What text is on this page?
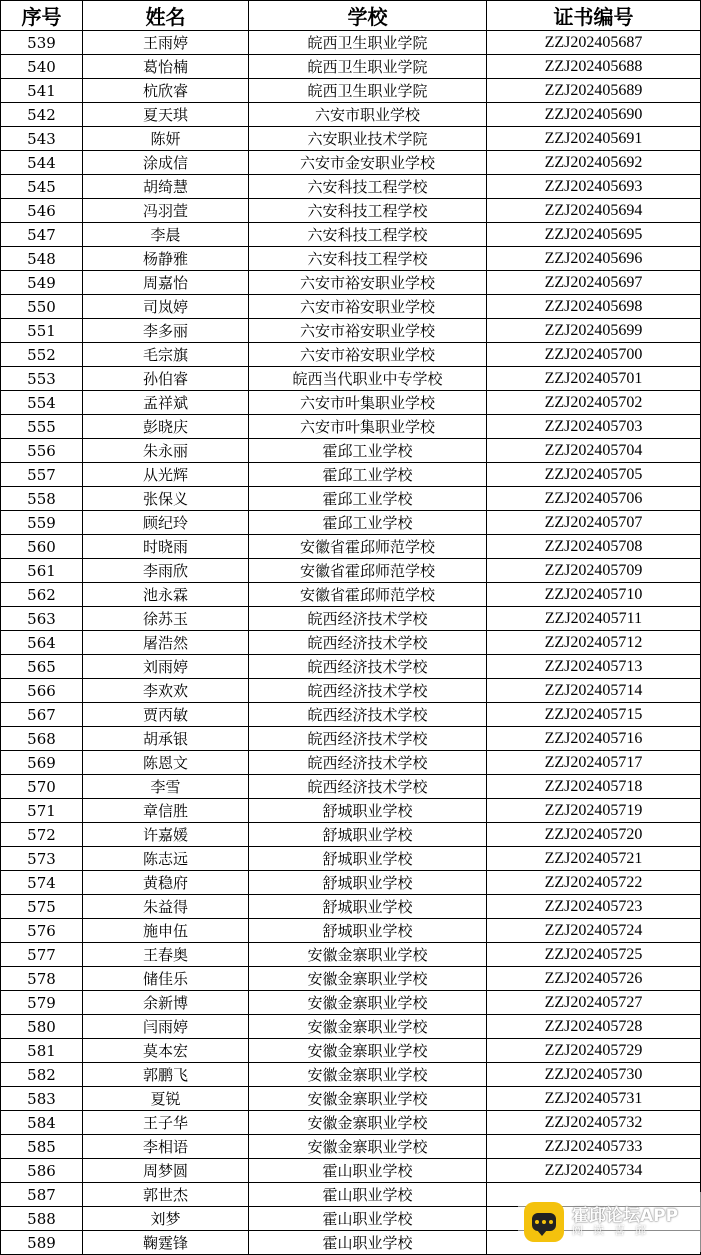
序号	姓名	学校	证书编号
539	王雨婷	皖西卫生职业学院	ZZJ202405687
540	葛怡楠	皖西卫生职业学院	ZZJ202405688
541	杭欣睿	皖西卫生职业学院	ZZJ202405689
542	夏天琪	六安市职业学校	ZZJ202405690
543	陈妍	六安职业技术学院	ZZJ202405691
544	涂成信	六安市金安职业学校	ZZJ202405692
545	胡绮慧	六安科技工程学校	ZZJ202405693
546	冯羽萱	六安科技工程学校	ZZJ202405694
547	李晨	六安科技工程学校	ZZJ202405695
548	杨静雅	六安科技工程学校	ZZJ202405696
549	周嘉怡	六安市裕安职业学校	ZZJ202405697
550	司岚婷	六安市裕安职业学校	ZZJ202405698
551	李多丽	六安市裕安职业学校	ZZJ202405699
552	毛宗旗	六安市裕安职业学校	ZZJ202405700
553	孙伯睿	皖西当代职业中专学校	ZZJ202405701
554	孟祥斌	六安市叶集职业学校	ZZJ202405702
555	彭晓庆	六安市叶集职业学校	ZZJ202405703
556	朱永丽	霍邱工业学校	ZZJ202405704
557	从光辉	霍邱工业学校	ZZJ202405705
558	张保义	霍邱工业学校	ZZJ202405706
559	顾纪玲	霍邱工业学校	ZZJ202405707
560	时晓雨	安徽省霍邱师范学校	ZZJ202405708
561	李雨欣	安徽省霍邱师范学校	ZZJ202405709
562	池永霖	安徽省霍邱师范学校	ZZJ202405710
563	徐苏玉	皖西经济技术学校	ZZJ202405711
564	屠浩然	皖西经济技术学校	ZZJ202405712
565	刘雨婷	皖西经济技术学校	ZZJ202405713
566	李欢欢	皖西经济技术学校	ZZJ202405714
567	贾丙敏	皖西经济技术学校	ZZJ202405715
568	胡承银	皖西经济技术学校	ZZJ202405716
569	陈恩文	皖西经济技术学校	ZZJ202405717
570	李雪	皖西经济技术学校	ZZJ202405718
571	章信胜	舒城职业学校	ZZJ202405719
572	许嘉媛	舒城职业学校	ZZJ202405720
573	陈志远	舒城职业学校	ZZJ202405721
574	黄稳府	舒城职业学校	ZZJ202405722
575	朱益得	舒城职业学校	ZZJ202405723
576	施申伍	舒城职业学校	ZZJ202405724
577	王春奥	安徽金寨职业学校	ZZJ202405725
578	储佳乐	安徽金寨职业学校	ZZJ202405726
579	余新博	安徽金寨职业学校	ZZJ202405727
580	闫雨婷	安徽金寨职业学校	ZZJ202405728
581	莫本宏	安徽金寨职业学校	ZZJ202405729
582	郭鹏飞	安徽金寨职业学校	ZZJ202405730
583	夏锐	安徽金寨职业学校	ZZJ202405731
584	王子华	安徽金寨职业学校	ZZJ202405732
585	李相语	安徽金寨职业学校	ZZJ202405733
586	周梦圆	霍山职业学校	ZZJ202405734
587	郭世杰	霍山职业学校	
588	刘梦	霍山职业学校	
589	鞠霆锋	霍山职业学校	
霍邱论坛APP
阅读喜邱
